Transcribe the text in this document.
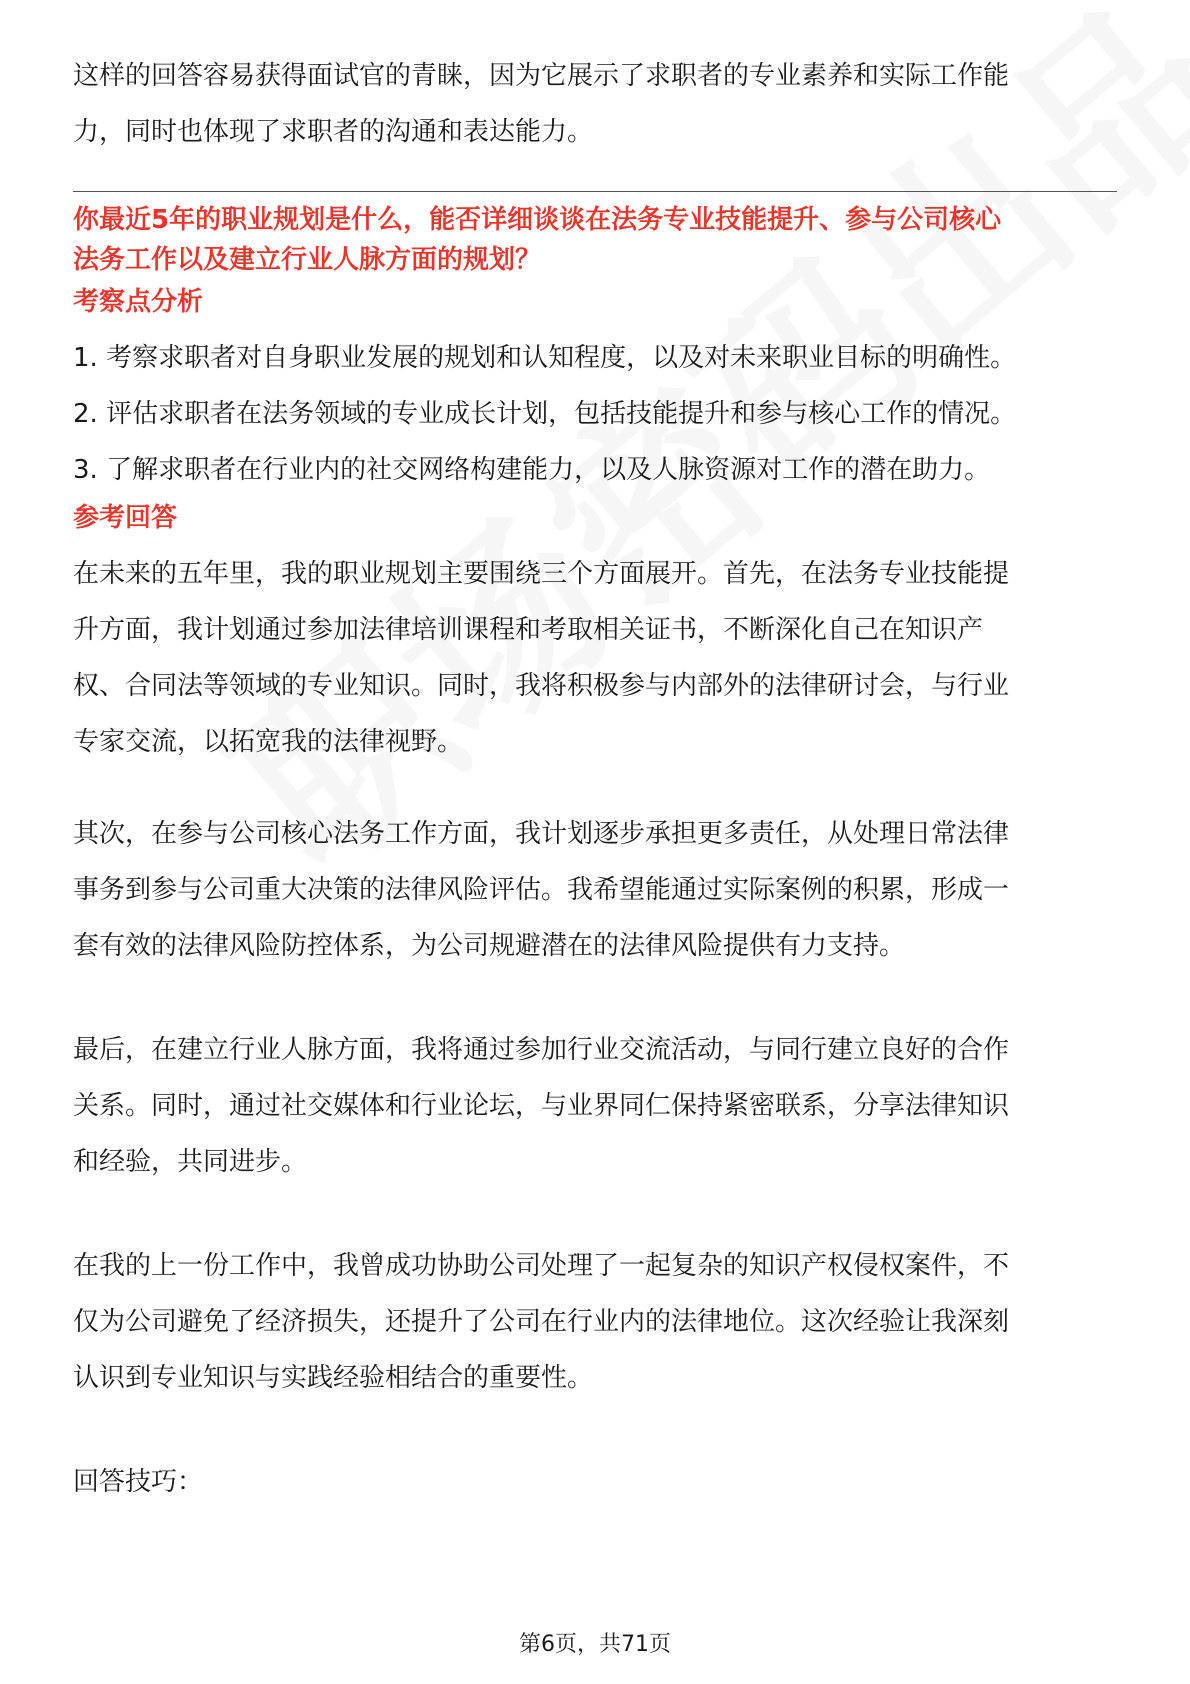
这样的回答容易获得面试官的青睐，因为它展示了求职者的专业素养和实际工作能

力，同时也体现了求职者的沟通和表达能力。

你最近5年的职业规划是什么，能否详细谈谈在法务专业技能提升、参与公司核心

法务工作以及建立行业人脉方面的规划？

考察点分析

1. 考察求职者对自身职业发展的规划和认知程度，以及对未来职业目标的明确性。

2. 评估求职者在法务领域的专业成长计划，包括技能提升和参与核心工作的情况。

3. 了解求职者在行业内的社交网络构建能力，以及人脉资源对工作的潜在助力。

参考回答

在未来的五年里，我的职业规划主要围绕三个方面展开。首先，在法务专业技能提

升方面，我计划通过参加法律培训课程和考取相关证书，不断深化自己在知识产

权、合同法等领域的专业知识。同时，我将积极参与内部外的法律研讨会，与行业

专家交流，以拓宽我的法律视野。

其次，在参与公司核心法务工作方面，我计划逐步承担更多责任，从处理日常法律

事务到参与公司重大决策的法律风险评估。我希望能通过实际案例的积累，形成一

套有效的法律风险防控体系，为公司规避潜在的法律风险提供有力支持。

最后，在建立行业人脉方面，我将通过参加行业交流活动，与同行建立良好的合作

关系。同时，通过社交媒体和行业论坛，与业界同仁保持紧密联系，分享法律知识

和经验，共同进步。

在我的上一份工作中，我曾成功协助公司处理了一起复杂的知识产权侵权案件，不

仅为公司避免了经济损失，还提升了公司在行业内的法律地位。这次经验让我深刻

认识到专业知识与实践经验相结合的重要性。

回答技巧：

第6页，共71页
